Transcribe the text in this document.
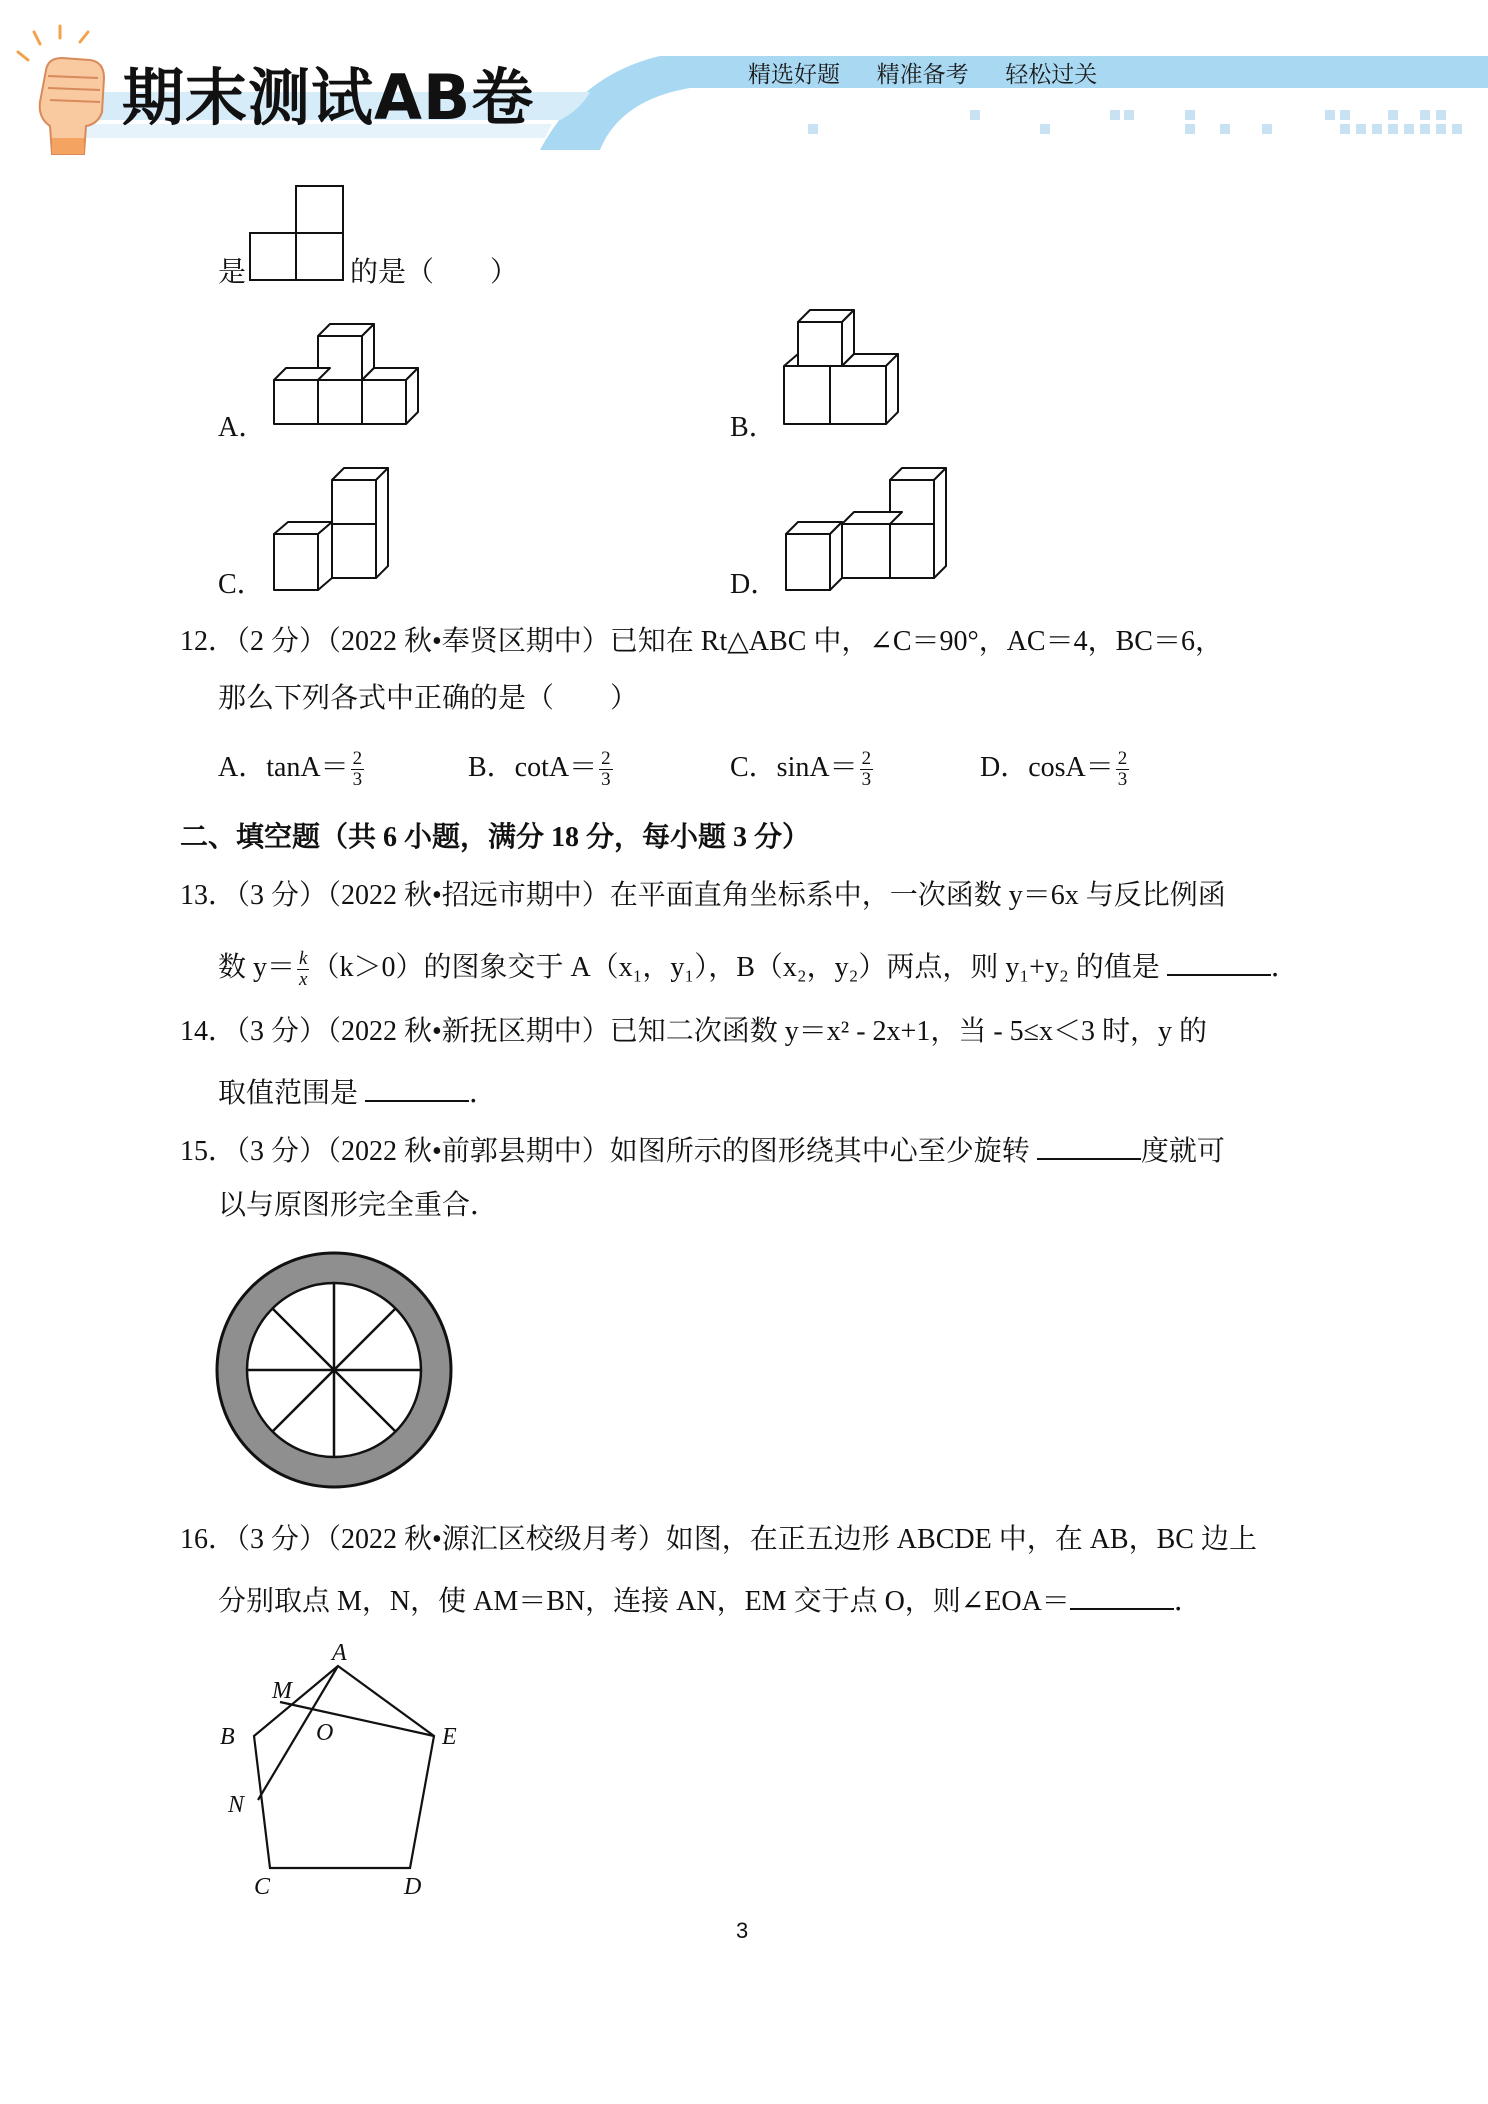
期末测试AB卷	精选好题 精准备考 轻松过关
是	的是（　　）
A．	B．
C．	D．
12．（2 分）（2022 秋•奉贤区期中）已知在 Rt△ABC 中，∠C＝90°，AC＝4，BC＝6，
那么下列各式中正确的是（　　）
A．$\tan A= \frac{2}{3}$	B．$\cot A= \frac{2}{3}$	C．$\sin A= \frac{2}{3}$	D．$\cos A= \frac{2}{3}$
二、填空题（共 6 小题，满分 18 分，每小题 3 分）
13．（3 分）（2022 秋•招远市期中）在平面直角坐标系中，一次函数 y＝6x 与反比例函
数 $y= \frac{k}{x} (k>0)$的图象交于 A（x₁，y₁），B（x₂，y₂）两点，则 y₁+y₂ 的值是	．
14．（3 分）（2022 秋•新抚区期中）已知二次函数 y＝x² - 2x+1，当 - 5≤x＜3 时，y 的
取值范围是	．
15．（3 分）（2022 秋•前郭县期中）如图所示的图形绕其中心至少旋转	度就可
以与原图形完全重合．
16．（3 分）（2022 秋•源汇区校级月考）如图，在正五边形 ABCDE 中，在 AB，BC 边上
分别取点 M，N，使 AM＝BN，连接 AN，EM 交于点 O，则∠EOA＝	．
A
B
C	D
E
M
N
O
3
